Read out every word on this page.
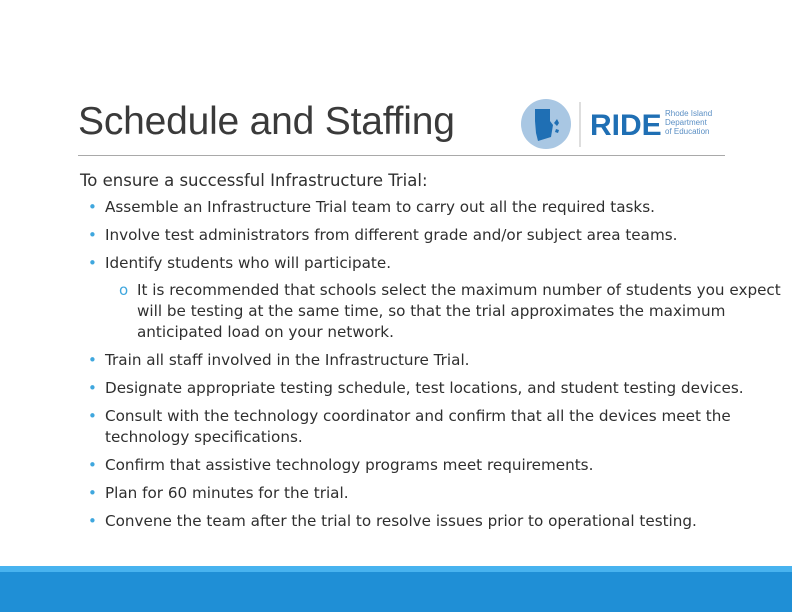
Schedule and Staffing	RIDE Rhode Island
Department
of Education
To ensure a successful Infrastructure Trial:
• Assemble an Infrastructure Trial team to carry out all the required tasks.
• Involve test administrators from different grade and/or subject area teams.
• Identify students who will participate.
o It is recommended that schools select the maximum number of students you expect will be testing at the same time, so that the trial approximates the maximum anticipated load on your network.
• Train all staff involved in the Infrastructure Trial.
• Designate appropriate testing schedule, test locations, and student testing devices.
• Consult with the technology coordinator and confirm that all the devices meet the technology specifications.
• Confirm that assistive technology programs meet requirements.
• Plan for 60 minutes for the trial.
• Convene the team after the trial to resolve issues prior to operational testing.
